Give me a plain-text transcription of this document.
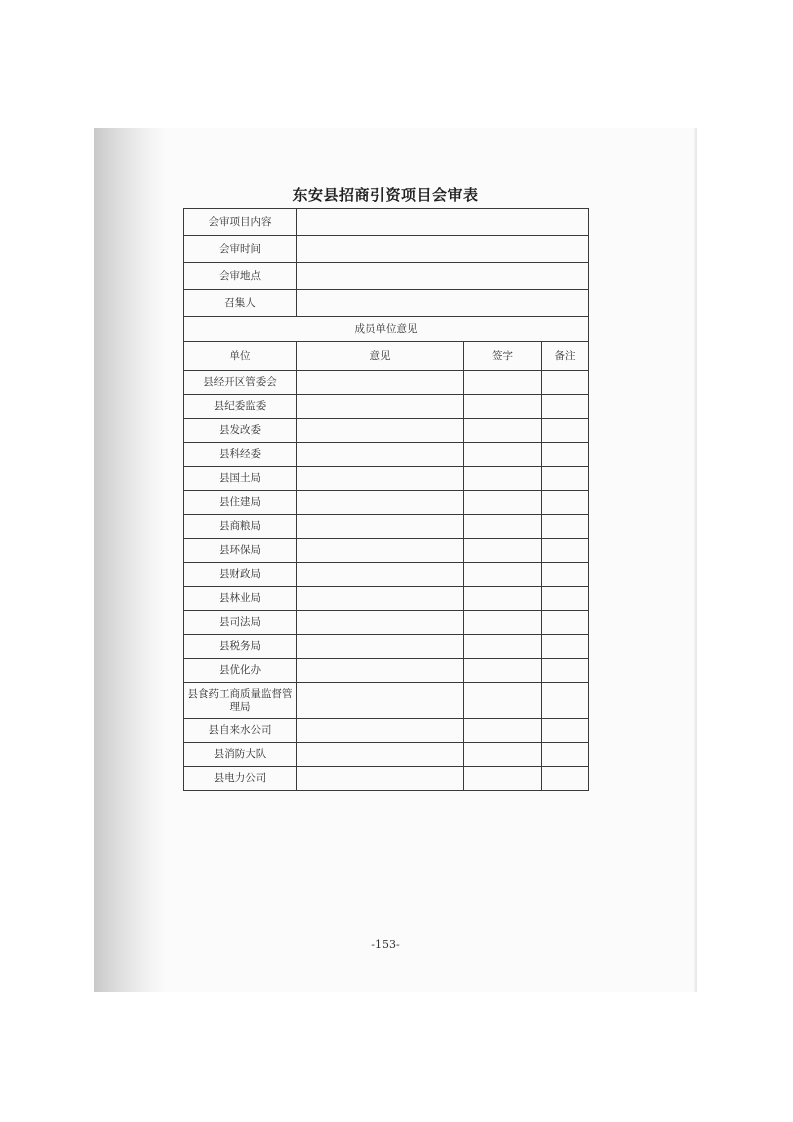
东安县招商引资项目会审表
会审项目内容			
会审时间			
会审地点			
召集人			
成员单位意见			
单位	意见	签字	备注
县经开区管委会			
县纪委监委			
县发改委			
县科经委			
县国土局			
县住建局			
县商粮局			
县环保局			
县财政局			
县林业局			
县司法局			
县税务局			
县优化办			
县食药工商质量监督管理局			
县自来水公司			
县消防大队			
县电力公司			
-153-
